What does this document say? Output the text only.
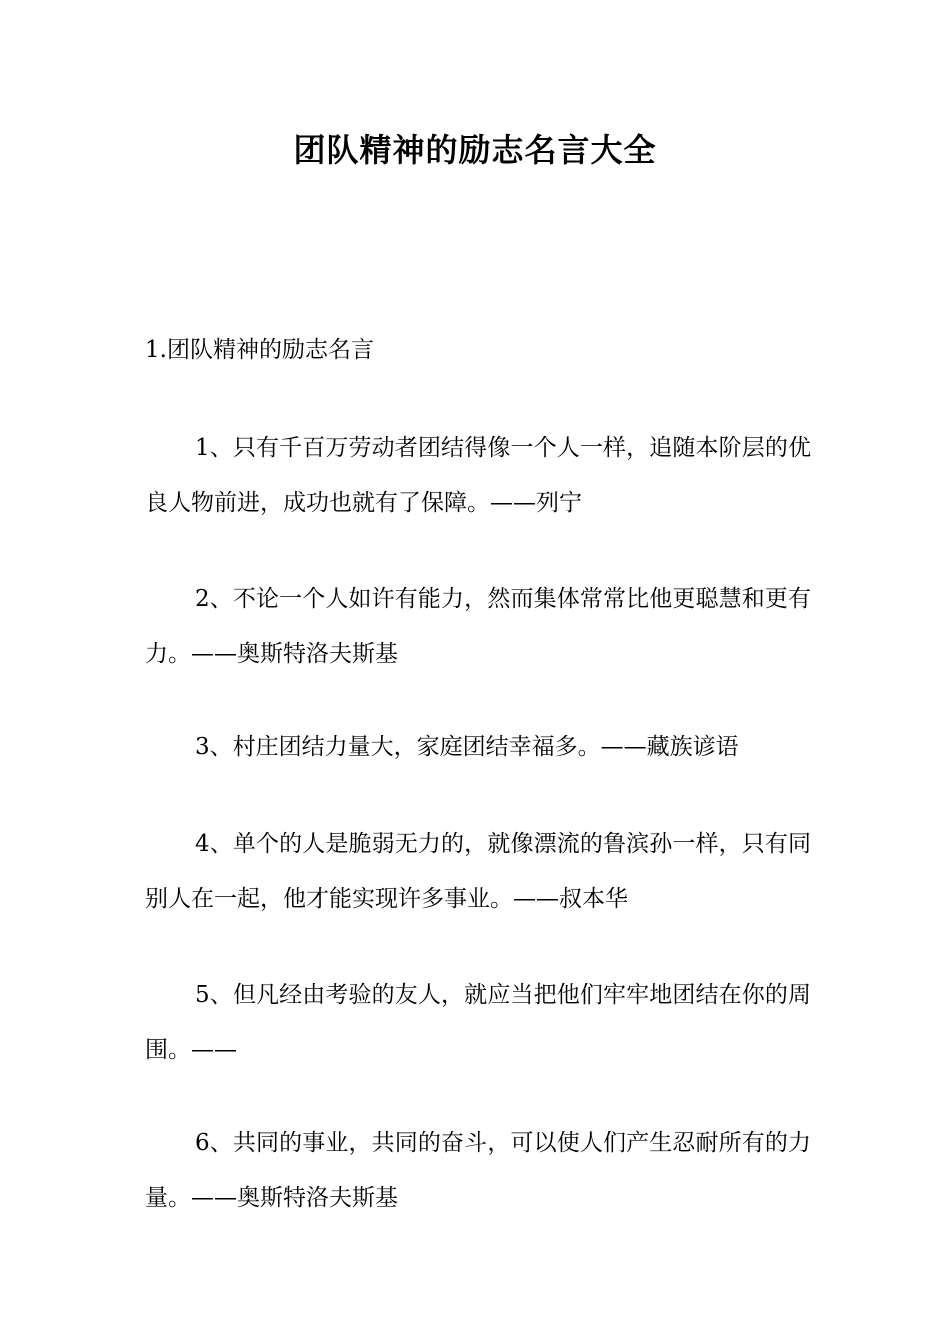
团队精神的励志名言大全

1.团队精神的励志名言

1、只有千百万劳动者团结得像一个人一样，追随本阶层的优良人物前进，成功也就有了保障。——列宁

2、不论一个人如许有能力，然而集体常常比他更聪慧和更有力。——奥斯特洛夫斯基

3、村庄团结力量大，家庭团结幸福多。——藏族谚语

4、单个的人是脆弱无力的，就像漂流的鲁滨孙一样，只有同别人在一起，他才能实现许多事业。——叔本华

5、但凡经由考验的友人，就应当把他们牢牢地团结在你的周围。——

6、共同的事业，共同的奋斗，可以使人们产生忍耐所有的力量。——奥斯特洛夫斯基
